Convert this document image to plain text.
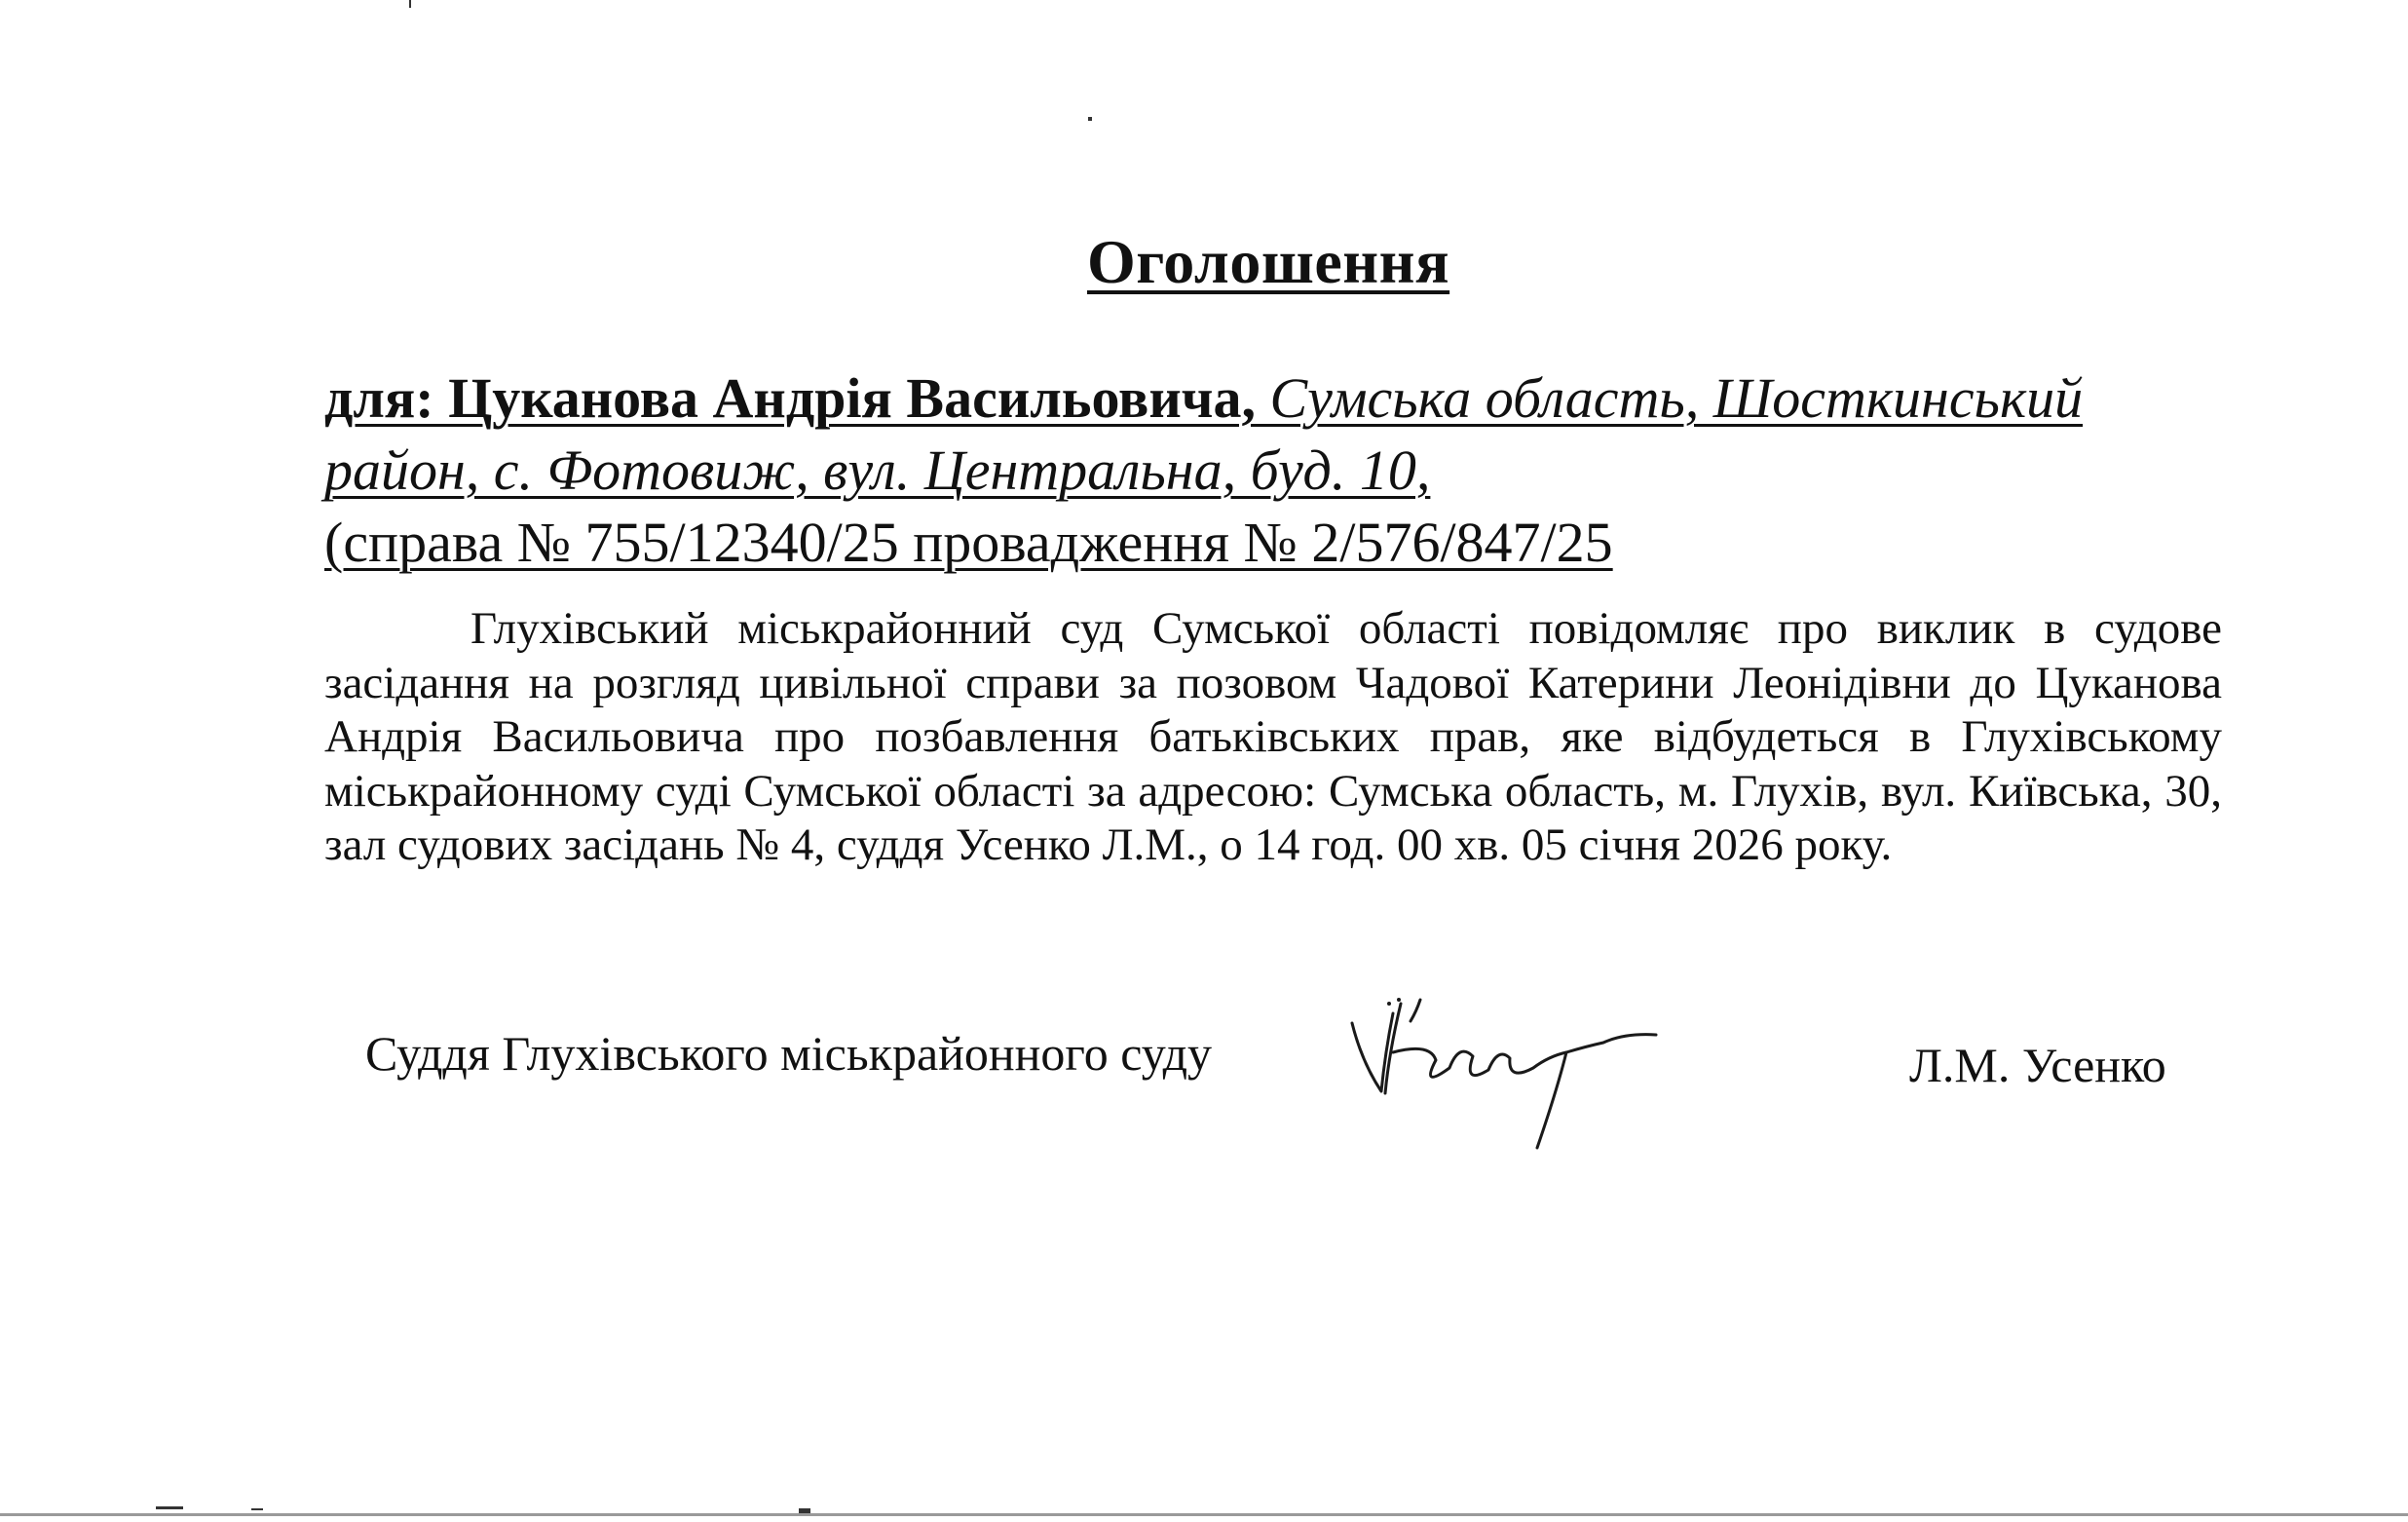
Оголошення
для: Цуканова Андрія Васильовича, Сумська область, Шосткинський
район, с. Фотовиж, вул. Центральна, буд. 10,
(справа № 755/12340/25 провадження № 2/576/847/25

Глухівський міськрайонний суд Сумської області повідомляє про виклик в судове засідання на розгляд цивільної справи за позовом Чадової Катерини Леонідівни до Цуканова Андрія Васильовича про позбавлення батьківських прав, яке відбудеться в Глухівському міськрайонному суді Сумської області за адресою: Сумська область, м. Глухів, вул. Київська, 30, зал судових засідань № 4, суддя Усенко Л.М., о 14 год. 00 хв. 05 січня 2026 року.

Суддя Глухівського міськрайонного суду	Л.М. Усенко
